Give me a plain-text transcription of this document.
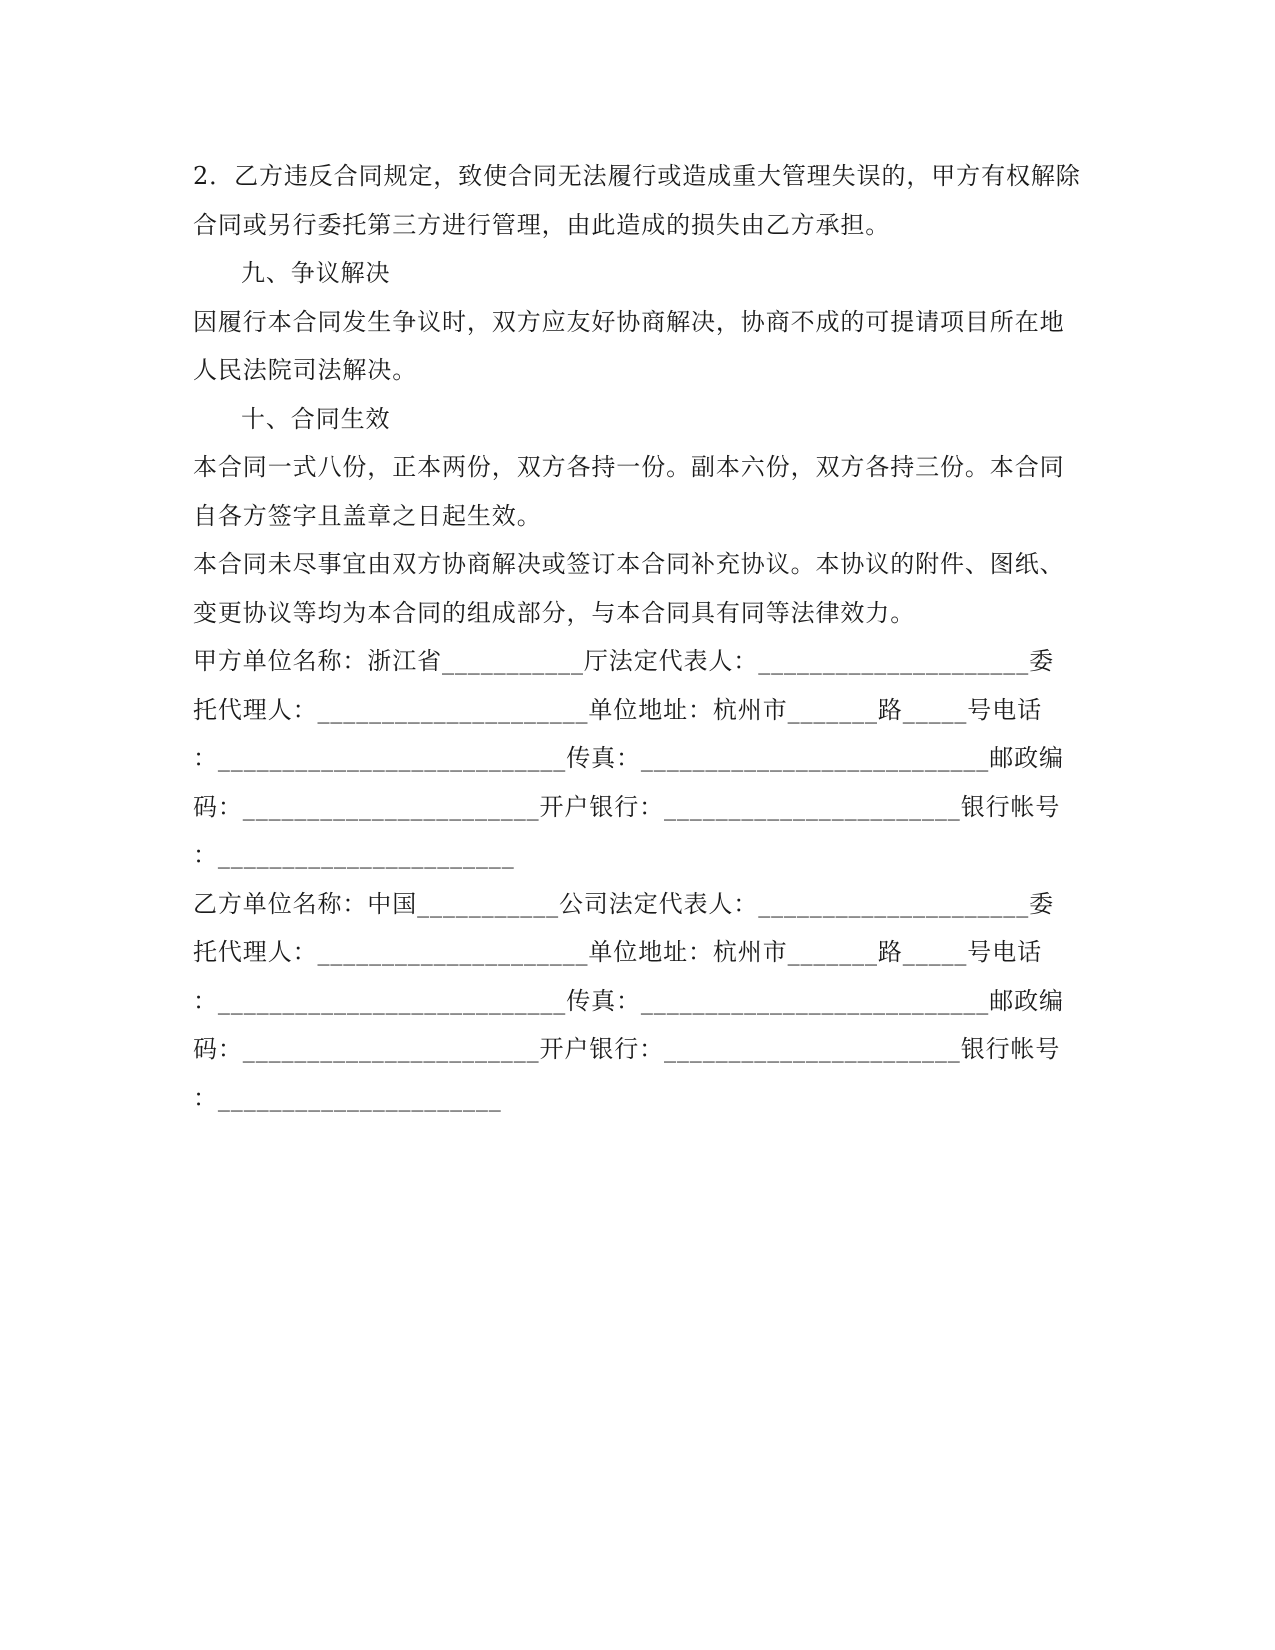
2．乙方违反合同规定，致使合同无法履行或造成重大管理失误的，甲方有权解除
合同或另行委托第三方进行管理，由此造成的损失由乙方承担。
九、争议解决
因履行本合同发生争议时，双方应友好协商解决，协商不成的可提请项目所在地
人民法院司法解决。
十、合同生效
本合同一式八份，正本两份，双方各持一份。副本六份，双方各持三份。本合同
自各方签字且盖章之日起生效。
本合同未尽事宜由双方协商解决或签订本合同补充协议。本协议的附件、图纸、
变更协议等均为本合同的组成部分，与本合同具有同等法律效力。
甲方单位名称：浙江省___________厅法定代表人：_____________________委
托代理人：_____________________单位地址：杭州市_______路_____号电话
：___________________________传真：___________________________邮政编
码：_______________________开户银行：_______________________银行帐号
：_______________________
乙方单位名称：中国___________公司法定代表人：_____________________委
托代理人：_____________________单位地址：杭州市_______路_____号电话
：___________________________传真：___________________________邮政编
码：_______________________开户银行：_______________________银行帐号
：______________________
